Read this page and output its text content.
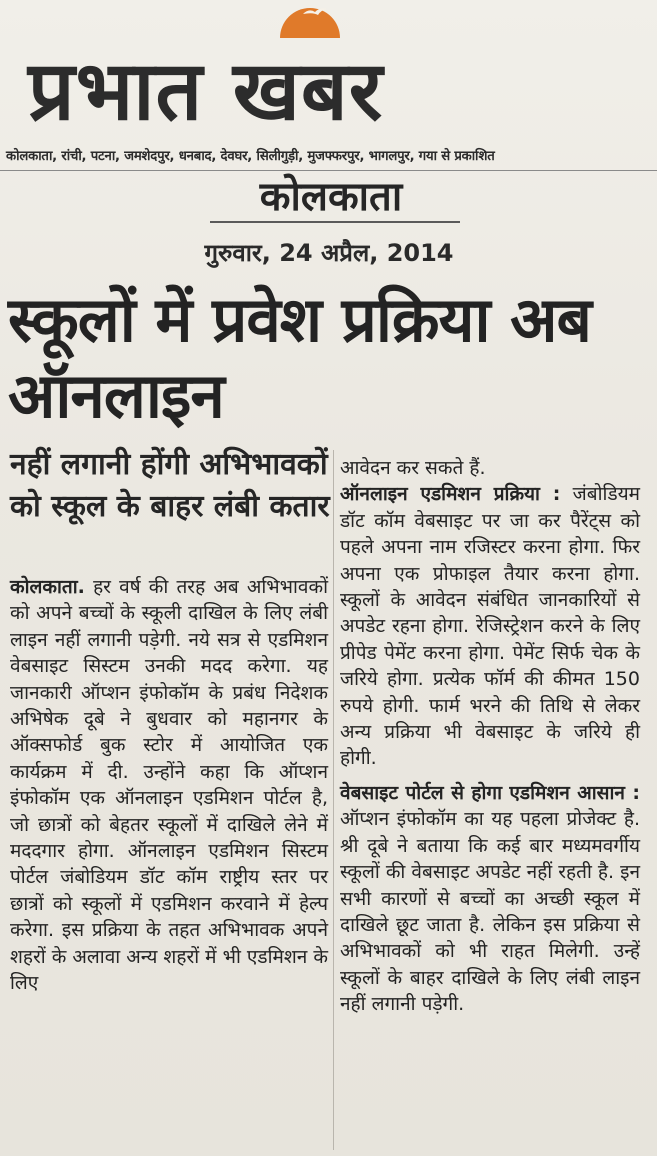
प्रभात खबर
कोलकाता, रांची, पटना, जमशेदपुर, धनबाद, देवघर, सिलीगुड़ी, मुजफ्फरपुर, भागलपुर, गया से प्रकाशित
कोलकाता
गुरुवार, 24 अप्रैल, 2014
स्कूलों में प्रवेश प्रक्रिया अब ऑनलाइन
नहीं लगानी होंगी अभिभावकों को स्कूल के बाहर लंबी कतार

कोलकाता. हर वर्ष की तरह अब अभिभावकों को अपने बच्चों के स्कूली दाखिल के लिए लंबी लाइन नहीं लगानी पड़ेगी. नये सत्र से एडमिशन वेबसाइट सिस्टम उनकी मदद करेगा. यह जानकारी ऑप्शन इंफोकॉम के प्रबंध निदेशक अभिषेक दूबे ने बुधवार को महानगर के ऑक्सफोर्ड बुक स्टोर में आयोजित एक कार्यक्रम में दी. उन्होंने कहा कि ऑप्शन इंफोकॉम एक ऑनलाइन एडमिशन पोर्टल है, जो छात्रों को बेहतर स्कूलों में दाखिले लेने में मददगार होगा. ऑनलाइन एडमिशन सिस्टम पोर्टल जंबोडियम डॉट कॉम राष्ट्रीय स्तर पर छात्रों को स्कूलों में एडमिशन करवाने में हेल्प करेगा. इस प्रक्रिया के तहत अभिभावक अपने शहरों के अलावा अन्य शहरों में भी एडमिशन के लिए

आवेदन कर सकते हैं.

ऑनलाइन एडमिशन प्रक्रिया : जंबोडियम डॉट कॉम वेबसाइट पर जा कर पैरेंट्स को पहले अपना नाम रजिस्टर करना होगा. फिर अपना एक प्रोफाइल तैयार करना होगा. स्कूलों के आवेदन संबंधित जानकारियों से अपडेट रहना होगा. रेजिस्ट्रेशन करने के लिए प्रीपेड पेमेंट करना होगा. पेमेंट सिर्फ चेक के जरिये होगा. प्रत्येक फॉर्म की कीमत 150 रुपये होगी. फार्म भरने की तिथि से लेकर अन्य प्रक्रिया भी वेबसाइट के जरिये ही होगी.

वेबसाइट पोर्टल से होगा एडमिशन आसान : ऑप्शन इंफोकॉम का यह पहला प्रोजेक्ट है. श्री दूबे ने बताया कि कई बार मध्यमवर्गीय स्कूलों की वेबसाइट अपडेट नहीं रहती है. इन सभी कारणों से बच्चों का अच्छी स्कूल में दाखिले छूट जाता है. लेकिन इस प्रक्रिया से अभिभावकों को भी राहत मिलेगी. उन्हें स्कूलों के बाहर दाखिले के लिए लंबी लाइन नहीं लगानी पड़ेगी.
